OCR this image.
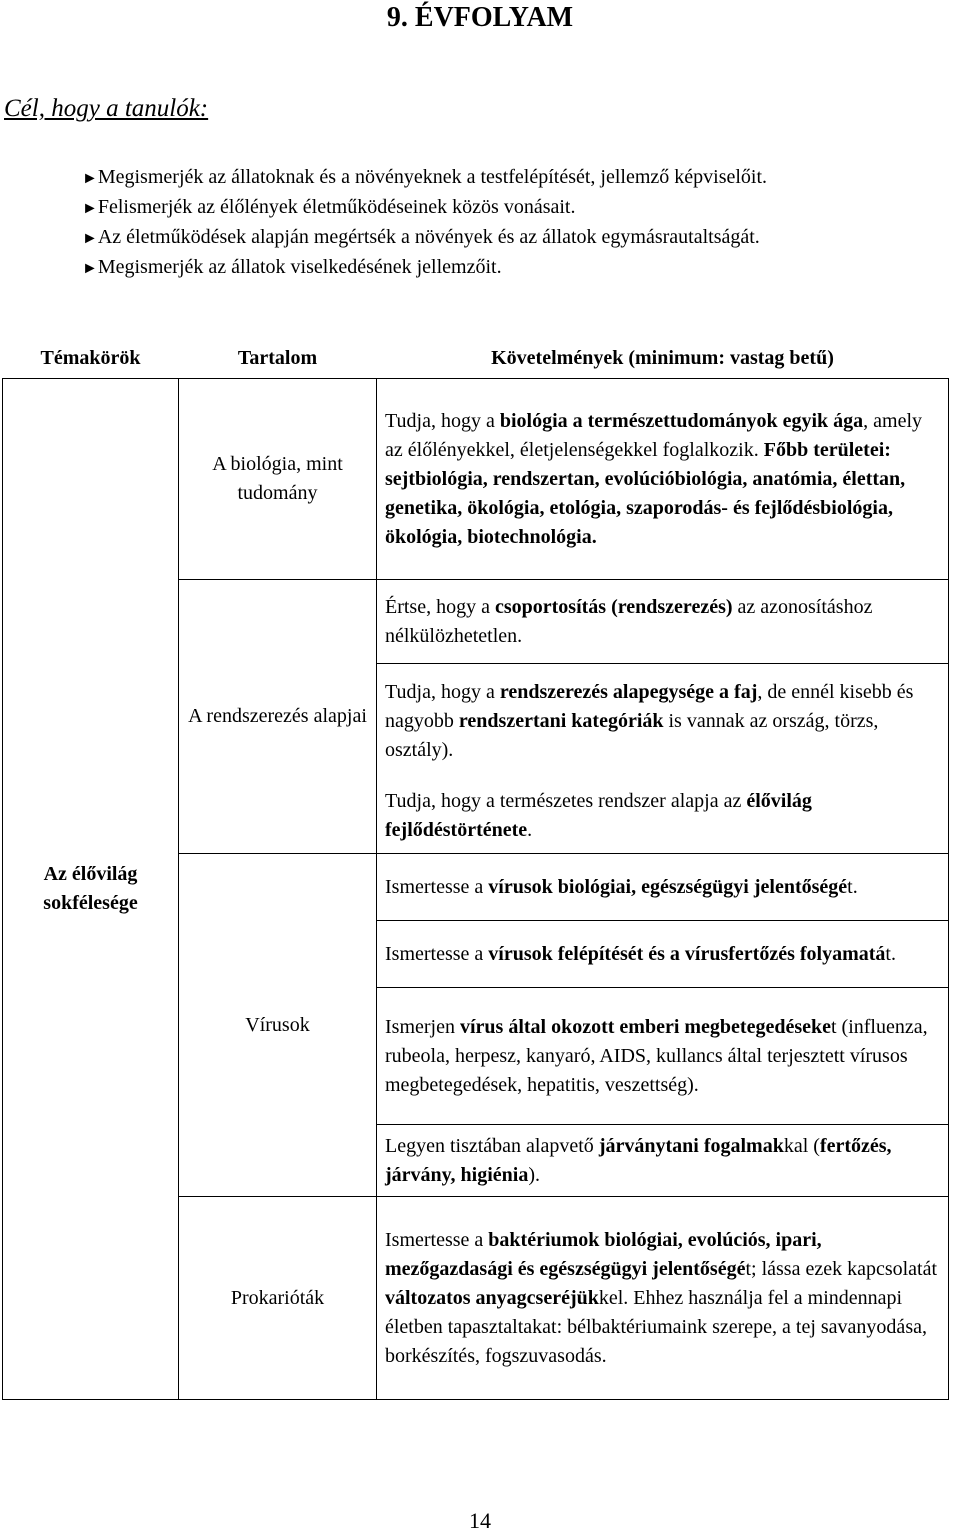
9. ÉVFOLYAM
Cél, hogy a tanulók:
►Megismerjék az állatoknak és a növényeknek a testfelépítését, jellemző képviselőit.
►Felismerjék az élőlények életműködéseinek közös vonásait.
►Az életműködések alapján megértsék a növények és az állatok egymásrautaltságát.
►Megismerjék az állatok viselkedésének jellemzőit.
Témakörök	Tartalom	Követelmények (minimum: vastag betű)
Az élővilág sokfélesége	A biológia, mint tudomány	Tudja, hogy a biológia a természettudományok egyik ága, amely az élőlényekkel, életjelenségekkel foglalkozik. Főbb területei: sejtbiológia, rendszertan, evolúcióbiológia, anatómia, élettan, genetika, ökológia, etológia, szaporodás- és fejlődésbiológia, ökológia, biotechnológia.

	A rendszerezés alapjai	Értse, hogy a csoportosítás (rendszerezés) az azonosításhoz nélkülözhetetlen.

		Tudja, hogy a rendszerezés alapegysége a faj, de ennél kisebb és nagyobb rendszertani kategóriák is vannak az ország, törzs, osztály).

		Tudja, hogy a természetes rendszer alapja az élővilág fejlődéstörténete.

	Vírusok	Ismertesse a vírusok biológiai, egészségügyi jelentőségét.

		Ismertesse a vírusok felépítését és a vírusfertőzés folyamatát.

		Ismerjen vírus által okozott emberi megbetegedéseket (influenza, rubeola, herpesz, kanyaró, AIDS, kullancs által terjesztett vírusos megbetegedések, hepatitis, veszettség).

		Legyen tisztában alapvető járványtani fogalmakkal (fertőzés, járvány, higiénia).

	Prokarióták	Ismertesse a baktériumok biológiai, evolúciós, ipari, mezőgazdasági és egészségügyi jelentőségét; lássa ezek kapcsolatát változatos anyagcseréjükkel. Ehhez használja fel a mindennapi életben tapasztaltakat: bélbaktériumaink szerepe, a tej savanyodása, borkészítés, fogszuvasodás.

14
